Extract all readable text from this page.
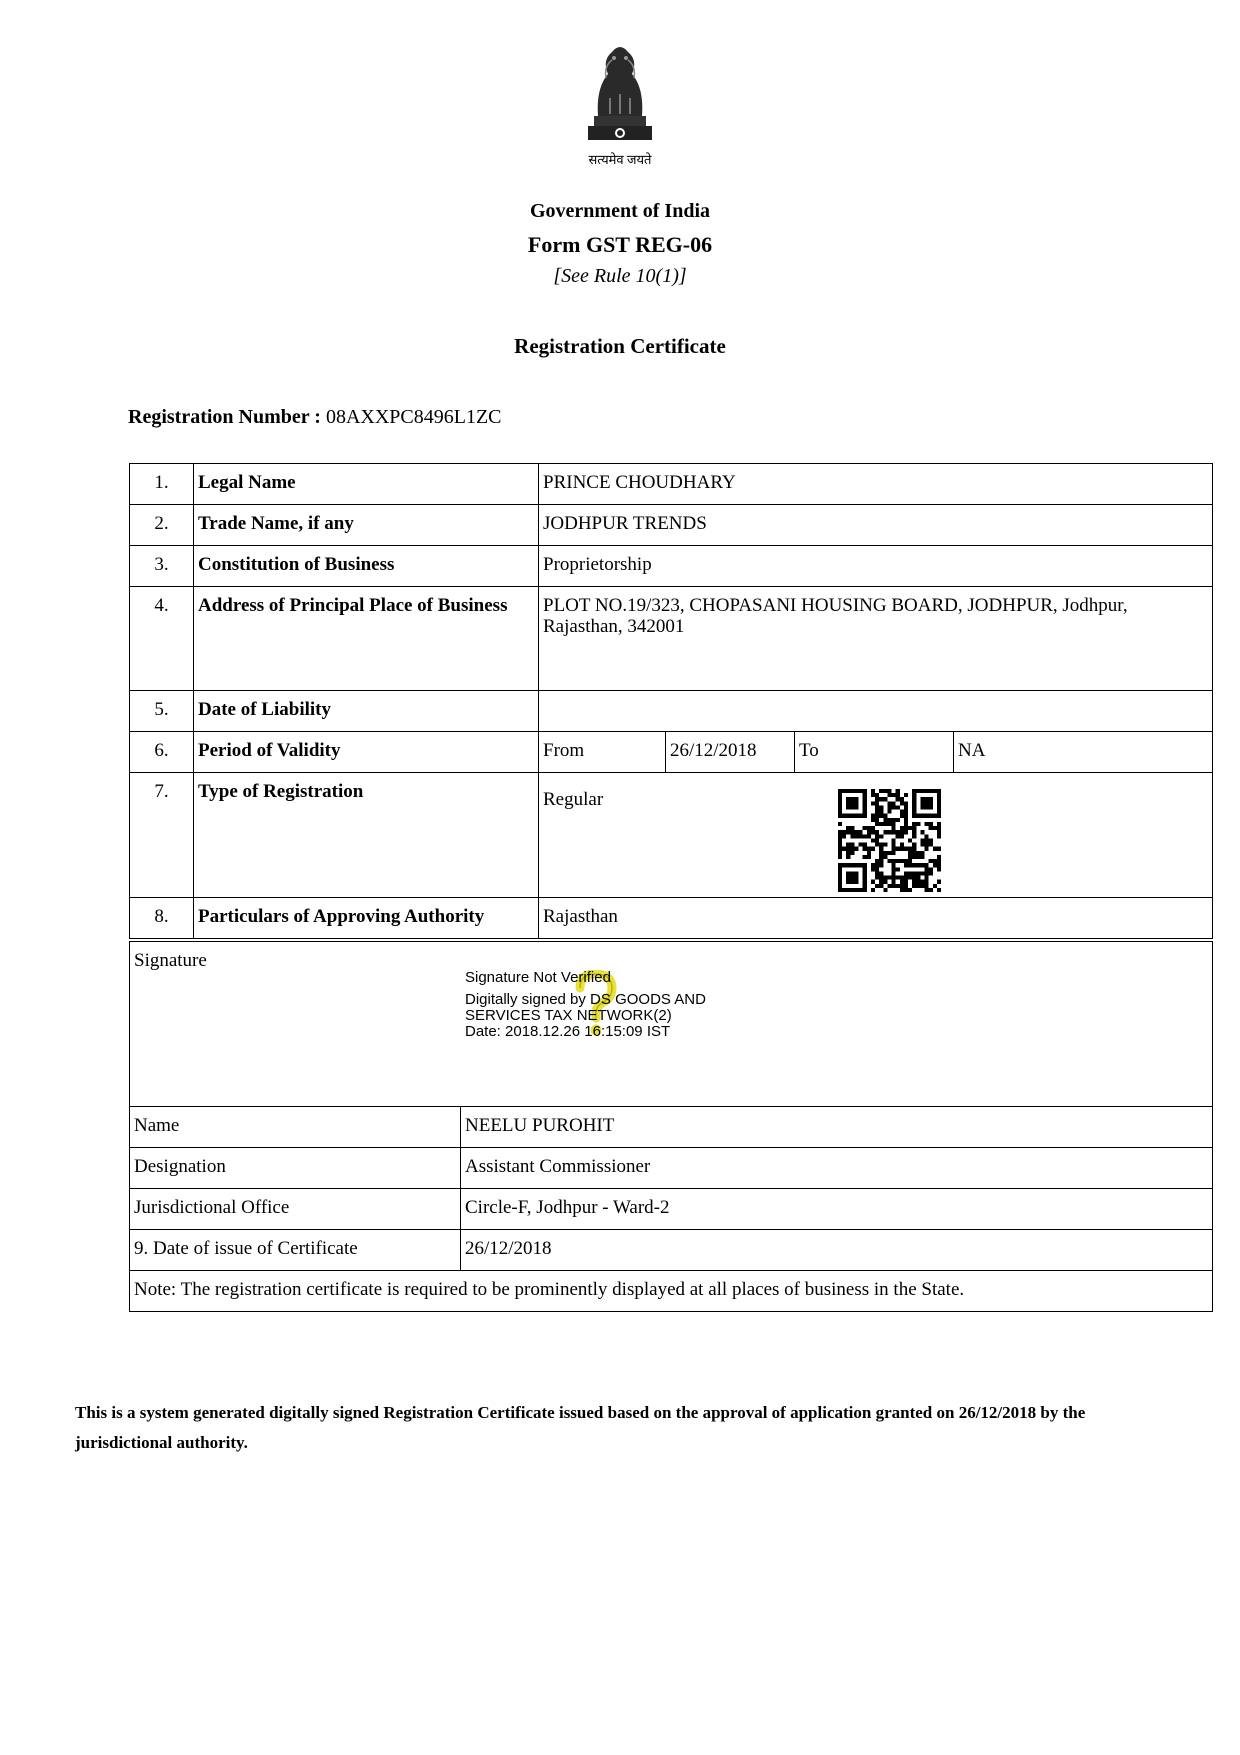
सत्यमेव जयते
Government of India
Form GST REG-06
[See Rule 10(1)]
Registration Certificate
Registration Number : 08AXXPC8496L1ZC
1.	Legal Name	PRINCE CHOUDHARY			
2.	Trade Name, if any	JODHPUR TRENDS			
3.	Constitution of Business	Proprietorship			
4.	Address of Principal Place of Business	PLOT NO.19/323, CHOPASANI HOUSING BOARD, JODHPUR, Jodhpur, Rajasthan, 342001			
5.	Date of Liability				
6.	Period of Validity	From	26/12/2018	To	NA
7.	Type of Registration	Regular			
8.	Particulars of Approving Authority	Rajasthan			
Signature
Signature Not Verified
Digitally signed by DS GOODS AND
SERVICES TAX NETWORK(2)
Date: 2018.12.26 16:15:09 IST	

Name	NEELU PUROHIT
Designation	Assistant Commissioner
Jurisdictional Office	Circle-F, Jodhpur - Ward-2
9. Date of issue of Certificate	26/12/2018
Note: The registration certificate is required to be prominently displayed at all places of business in the State.	
This is a system generated digitally signed Registration Certificate issued based on the approval of application granted on 26/12/2018 by the jurisdictional authority.
